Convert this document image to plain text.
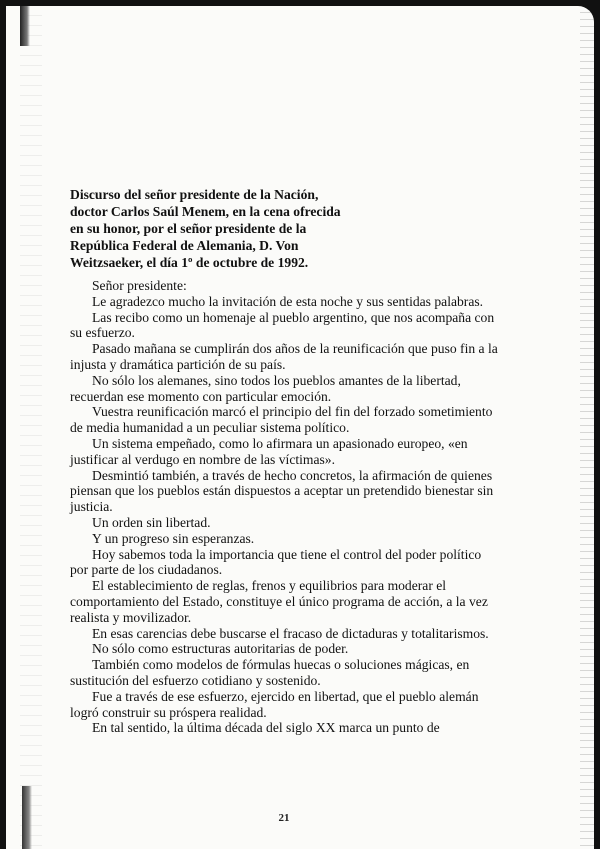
Discurso del señor presidente de la Nación,
doctor Carlos Saúl Menem, en la cena ofrecida
en su honor, por el señor presidente de la
República Federal de Alemania, D. Von
Weitzsaeker, el día 1º de octubre de 1992.

Señor presidente:

Le agradezco mucho la invitación de esta noche y sus sentidas palabras.

Las recibo como un homenaje al pueblo argentino, que nos acompaña con su esfuerzo.

Pasado mañana se cumplirán dos años de la reunificación que puso fin a la injusta y dramática partición de su país.

No sólo los alemanes, sino todos los pueblos amantes de la libertad, recuerdan ese momento con particular emoción.

Vuestra reunificación marcó el principio del fin del forzado sometimiento de media humanidad a un peculiar sistema político.

Un sistema empeñado, como lo afirmara un apasionado europeo, «en justificar al verdugo en nombre de las víctimas».

Desmintió también, a través de hecho concretos, la afirmación de quienes piensan que los pueblos están dispuestos a aceptar un pretendido bienestar sin justicia.

Un orden sin libertad.

Y un progreso sin esperanzas.

Hoy sabemos toda la importancia que tiene el control del poder político por parte de los ciudadanos.

El establecimiento de reglas, frenos y equilibrios para moderar el comportamiento del Estado, constituye el único programa de acción, a la vez realista y movilizador.

En esas carencias debe buscarse el fracaso de dictaduras y totalitarismos.

No sólo como estructuras autoritarias de poder.

También como modelos de fórmulas huecas o soluciones mágicas, en sustitución del esfuerzo cotidiano y sostenido.

Fue a través de ese esfuerzo, ejercido en libertad, que el pueblo alemán logró construir su próspera realidad.

En tal sentido, la última década del siglo XX marca un punto de

21
